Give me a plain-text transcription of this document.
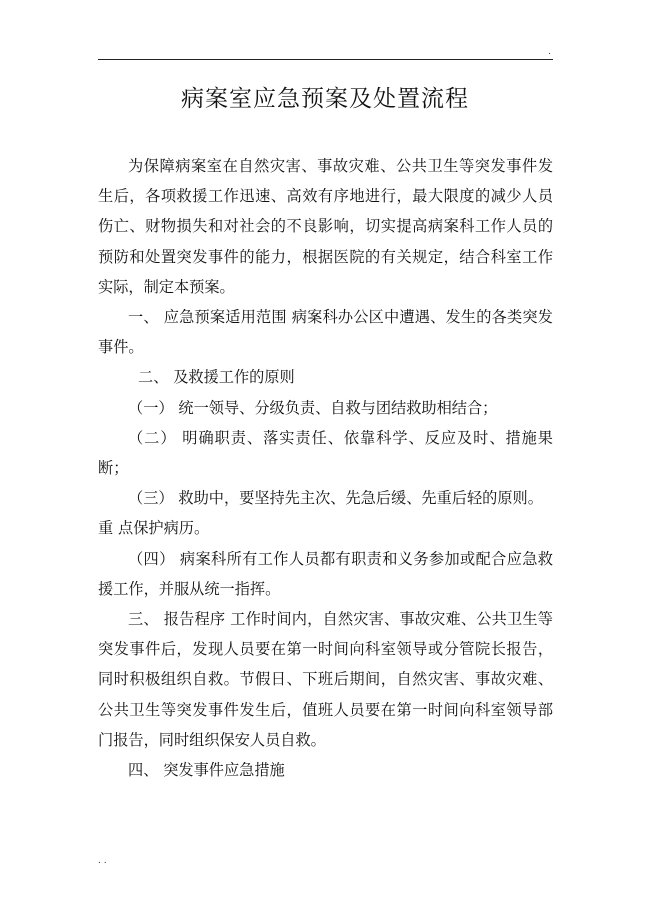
.
病案室应急预案及处置流程

为保障病案室在自然灾害、事故灾难、公共卫生等突发事件发生后，各项救援工作迅速、高效有序地进行，最大限度的减少人员伤亡、财物损失和对社会的不良影响，切实提高病案科工作人员的预防和处置突发事件的能力，根据医院的有关规定，结合科室工作实际，制定本预案。

一、 应急预案适用范围 病案科办公区中遭遇、发生的各类突发事件。

二、 及救援工作的原则

（一） 统一领导、分级负责、自救与团结救助相结合；

（二） 明确职责、落实责任、依靠科学、反应及时、措施果断；

（三） 救助中，要坚持先主次、先急后缓、先重后轻的原则。

重 点保护病历。

（四） 病案科所有工作人员都有职责和义务参加或配合应急救援工作，并服从统一指挥。

三、 报告程序 工作时间内，自然灾害、事故灾难、公共卫生等突发事件后，发现人员要在第一时间向科室领导或分管院长报告，同时积极组织自救。节假日、下班后期间，自然灾害、事故灾难、公共卫生等突发事件发生后，值班人员要在第一时间向科室领导部门报告，同时组织保安人员自救。

四、 突发事件应急措施

. .
